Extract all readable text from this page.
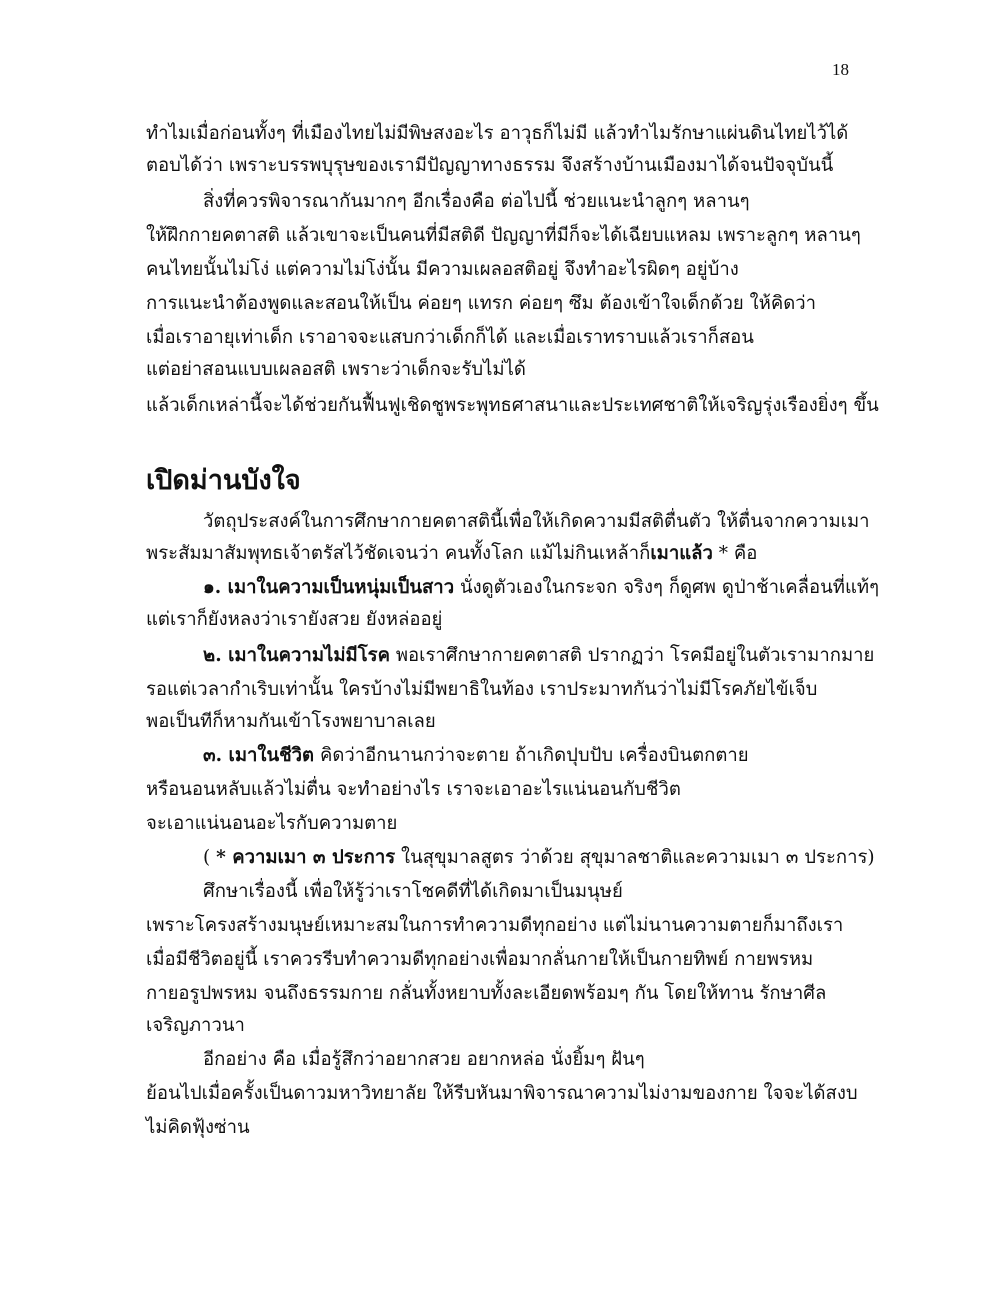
18
ทำไมเมื่อก่อนทั้งๆ ที่เมืองไทยไม่มีพิษสงอะไร อาวุธก็ไม่มี แล้วทำไมรักษาแผ่นดินไทยไว้ได้
ตอบได้ว่า เพราะบรรพบุรุษของเรามีปัญญาทางธรรม จึงสร้างบ้านเมืองมาได้จนปัจจุบันนี้
สิ่งที่ควรพิจารณากันมากๆ อีกเรื่องคือ ต่อไปนี้ ช่วยแนะนำลูกๆ หลานๆ
ให้ฝึกกายคตาสติ แล้วเขาจะเป็นคนที่มีสติดี ปัญญาที่มีก็จะได้เฉียบแหลม เพราะลูกๆ หลานๆ
คนไทยนั้นไม่โง่ แต่ความไม่โง่นั้น มีความเผลอสติอยู่ จึงทำอะไรผิดๆ อยู่บ้าง
การแนะนำต้องพูดและสอนให้เป็น ค่อยๆ แทรก ค่อยๆ ซึม ต้องเข้าใจเด็กด้วย ให้คิดว่า
เมื่อเราอายุเท่าเด็ก เราอาจจะแสบกว่าเด็กก็ได้ และเมื่อเราทราบแล้วเราก็สอน
แต่อย่าสอนแบบเผลอสติ เพราะว่าเด็กจะรับไม่ได้
แล้วเด็กเหล่านี้จะได้ช่วยกันฟื้นฟูเชิดชูพระพุทธศาสนาและประเทศชาติให้เจริญรุ่งเรืองยิ่งๆ ขึ้น
เปิดม่านบังใจ
วัตถุประสงค์ในการศึกษากายคตาสตินี้เพื่อให้เกิดความมีสติตื่นตัว ให้ตื่นจากความเมา
พระสัมมาสัมพุทธเจ้าตรัสไว้ชัดเจนว่า คนทั้งโลก แม้ไม่กินเหล้าก็เมาแล้ว * คือ
๑. เมาในความเป็นหนุ่มเป็นสาว นั่งดูตัวเองในกระจก จริงๆ ก็ดูศพ ดูป่าช้าเคลื่อนที่แท้ๆ
แต่เราก็ยังหลงว่าเรายังสวย ยังหล่ออยู่
๒. เมาในความไม่มีโรค พอเราศึกษากายคตาสติ ปรากฏว่า โรคมีอยู่ในตัวเรามากมาย
รอแต่เวลากำเริบเท่านั้น ใครบ้างไม่มีพยาธิในท้อง เราประมาทกันว่าไม่มีโรคภัยไข้เจ็บ
พอเป็นทีก็หามกันเข้าโรงพยาบาลเลย
๓. เมาในชีวิต คิดว่าอีกนานกว่าจะตาย ถ้าเกิดปุบปับ เครื่องบินตกตาย
หรือนอนหลับแล้วไม่ตื่น จะทำอย่างไร เราจะเอาอะไรแน่นอนกับชีวิต
จะเอาแน่นอนอะไรกับความตาย
( * ความเมา ๓ ประการ ในสุขุมาลสูตร ว่าด้วย สุขุมาลชาติและความเมา ๓ ประการ)
ศึกษาเรื่องนี้ เพื่อให้รู้ว่าเราโชคดีที่ได้เกิดมาเป็นมนุษย์
เพราะโครงสร้างมนุษย์เหมาะสมในการทำความดีทุกอย่าง แต่ไม่นานความตายก็มาถึงเรา
เมื่อมีชีวิตอยู่นี้ เราควรรีบทำความดีทุกอย่างเพื่อมากลั่นกายให้เป็นกายทิพย์ กายพรหม
กายอรูปพรหม จนถึงธรรมกาย กลั่นทั้งหยาบทั้งละเอียดพร้อมๆ กัน โดยให้ทาน รักษาศีล
เจริญภาวนา
อีกอย่าง คือ เมื่อรู้สึกว่าอยากสวย อยากหล่อ นั่งยิ้มๆ ฝันๆ
ย้อนไปเมื่อครั้งเป็นดาวมหาวิทยาลัย ให้รีบหันมาพิจารณาความไม่งามของกาย ใจจะได้สงบ
ไม่คิดฟุ้งซ่าน
